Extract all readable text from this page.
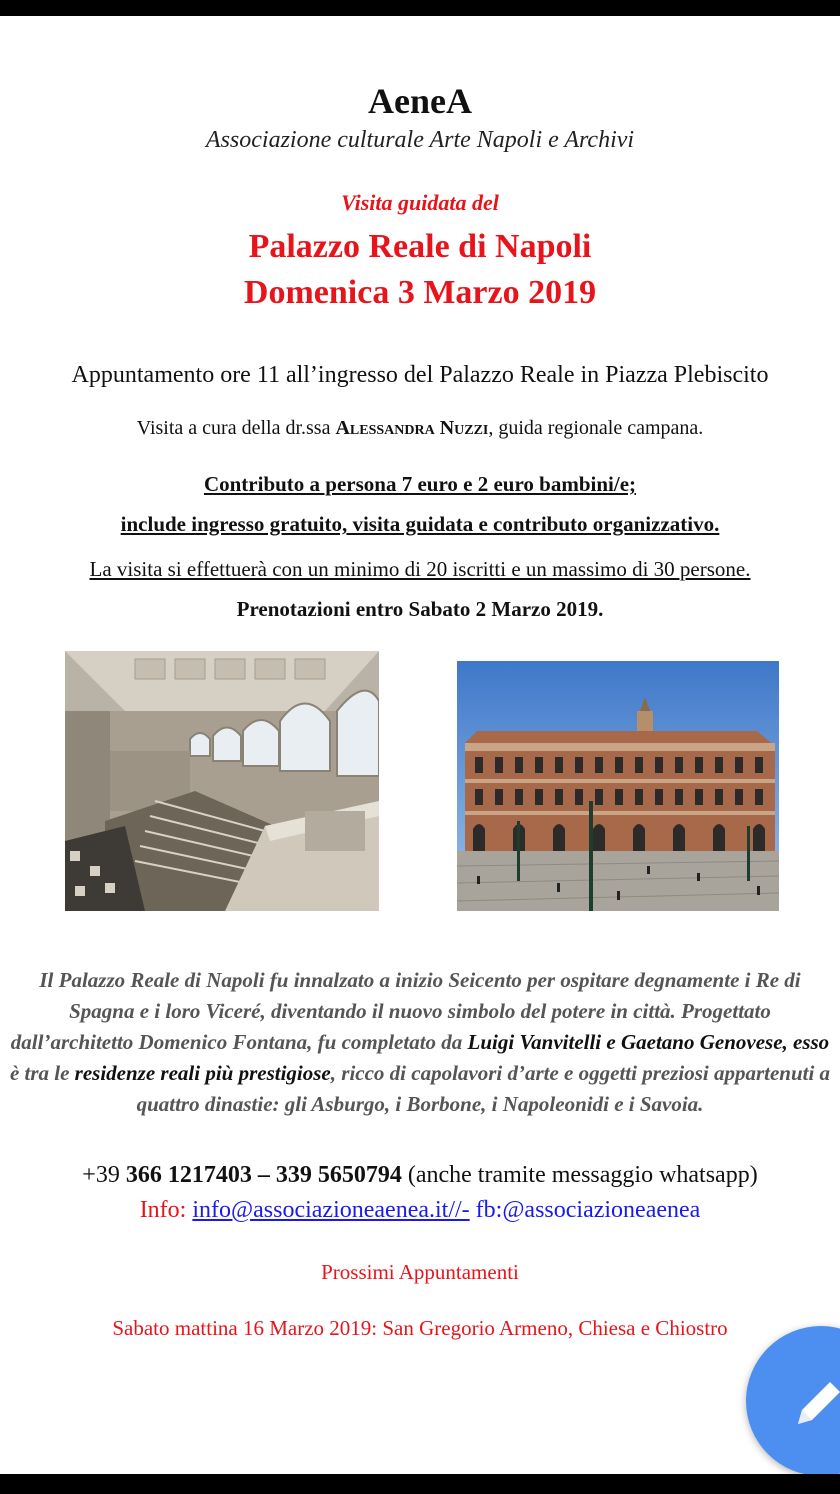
AeneA
Associazione culturale Arte Napoli e Archivi
Visita guidata del
Palazzo Reale di Napoli
Domenica 3 Marzo 2019
Appuntamento ore 11 all’ingresso del Palazzo Reale in Piazza Plebiscito
Visita a cura della dr.ssa Alessandra Nuzzi, guida regionale campana.
Contributo a persona 7 euro e 2 euro bambini/e;
include ingresso gratuito, visita guidata e contributo organizzativo.
La visita si effettuerà con un minimo di 20 iscritti e un massimo di 30 persone.
Prenotazioni entro Sabato 2 Marzo 2019.
Il Palazzo Reale di Napoli fu innalzato a inizio Seicento per ospitare degnamente i Re di Spagna e i loro Viceré, diventando il nuovo simbolo del potere in città. Progettato dall’architetto Domenico Fontana, fu completato da Luigi Vanvitelli e Gaetano Genovese, esso è tra le residenze reali più prestigiose, ricco di capolavori d’arte e oggetti preziosi appartenuti a quattro dinastie: gli Asburgo, i Borbone, i Napoleonidi e i Savoia.
+39 366 1217403 – 339 5650794 (anche tramite messaggio whatsapp)
Info: info@associazioneaenea.it//- fb:@associazioneaenea
Prossimi Appuntamenti
Sabato mattina 16 Marzo 2019: San Gregorio Armeno, Chiesa e Chiostro
